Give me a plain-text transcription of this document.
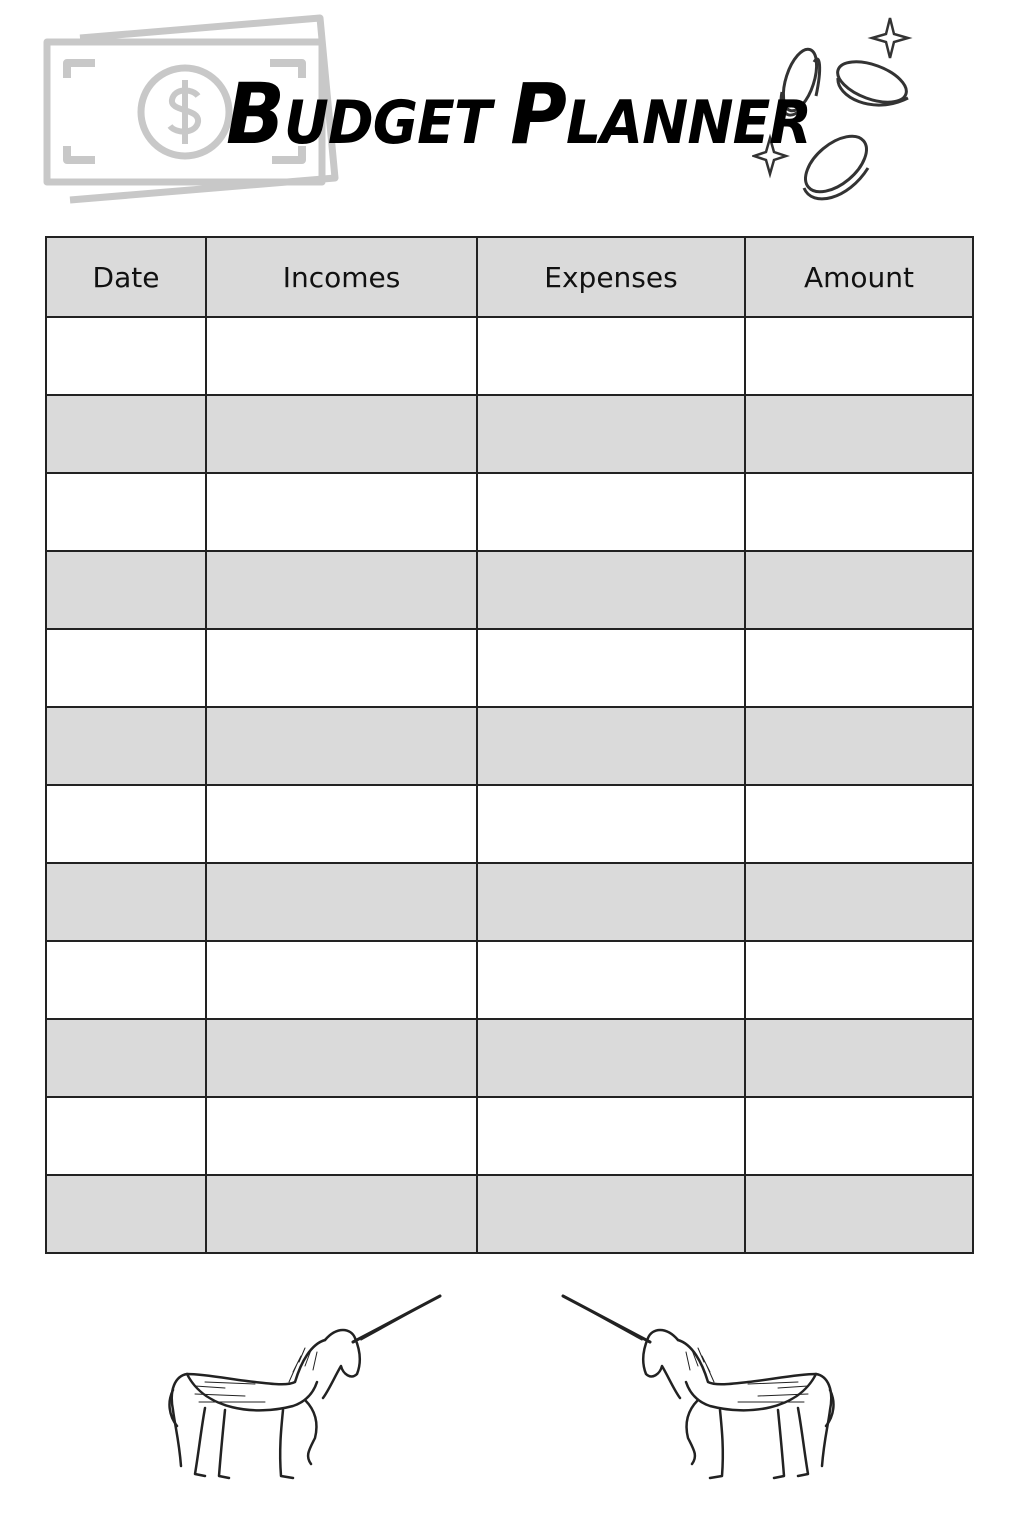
BUDGET PLANNER
Date	Incomes	Expenses	Amount
